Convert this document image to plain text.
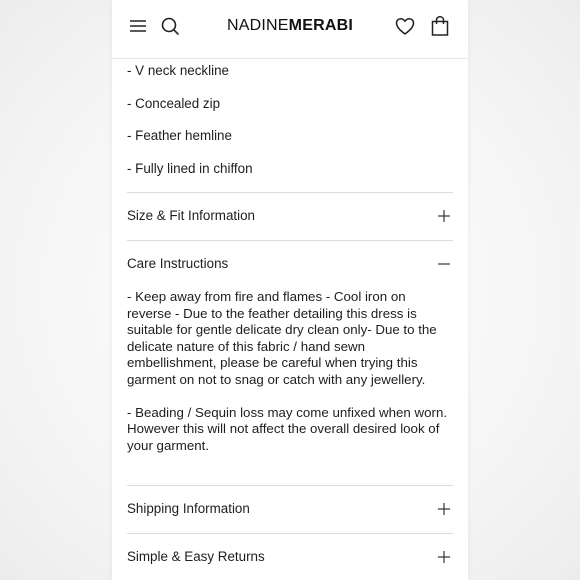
NADINEMERABI
- V neck neckline
- Concealed zip
- Feather hemline
- Fully lined in chiffon
Size & Fit Information
Care Instructions

- Keep away from fire and flames - Cool iron on reverse - Due to the feather detailing this dress is suitable for gentle delicate dry clean only- Due to the delicate nature of this fabric / hand sewn embellishment, please be careful when trying this garment on not to snag or catch with any jewellery.

- Beading / Sequin loss may come unfixed when worn. However this will not affect the overall desired look of your garment.

Shipping Information
Simple & Easy Returns
